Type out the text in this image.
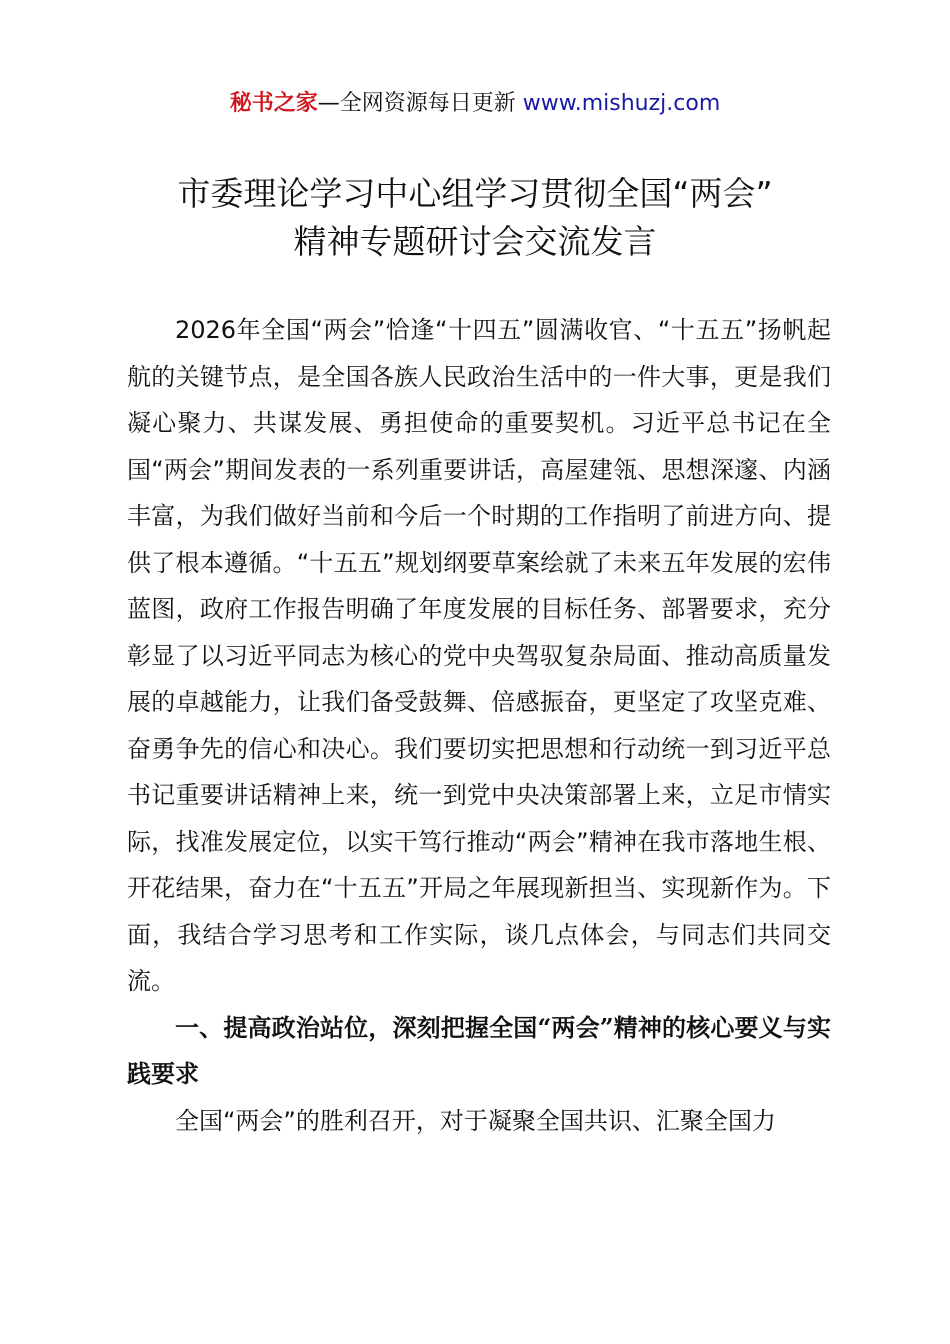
秘书之家—全网资源每日更新 www.mishuzj.com
市委理论学习中心组学习贯彻全国“两会”
精神专题研讨会交流发言

2026年全国“两会”恰逢“十四五”圆满收官、“十五五”扬帆起航的关键节点，是全国各族人民政治生活中的一件大事，更是我们凝心聚力、共谋发展、勇担使命的重要契机。习近平总书记在全国“两会”期间发表的一系列重要讲话，高屋建瓴、思想深邃、内涵丰富，为我们做好当前和今后一个时期的工作指明了前进方向、提供了根本遵循。“十五五”规划纲要草案绘就了未来五年发展的宏伟蓝图，政府工作报告明确了年度发展的目标任务、部署要求，充分彰显了以习近平同志为核心的党中央驾驭复杂局面、推动高质量发展的卓越能力，让我们备受鼓舞、倍感振奋，更坚定了攻坚克难、奋勇争先的信心和决心。我们要切实把思想和行动统一到习近平总书记重要讲话精神上来，统一到党中央决策部署上来，立足市情实际，找准发展定位，以实干笃行推动“两会”精神在我市落地生根、开花结果，奋力在“十五五”开局之年展现新担当、实现新作为。下面，我结合学习思考和工作实际，谈几点体会，与同志们共同交流。

一、提高政治站位，深刻把握全国“两会”精神的核心要义与实践要求

全国“两会”的胜利召开，对于凝聚全国共识、汇聚全国力
